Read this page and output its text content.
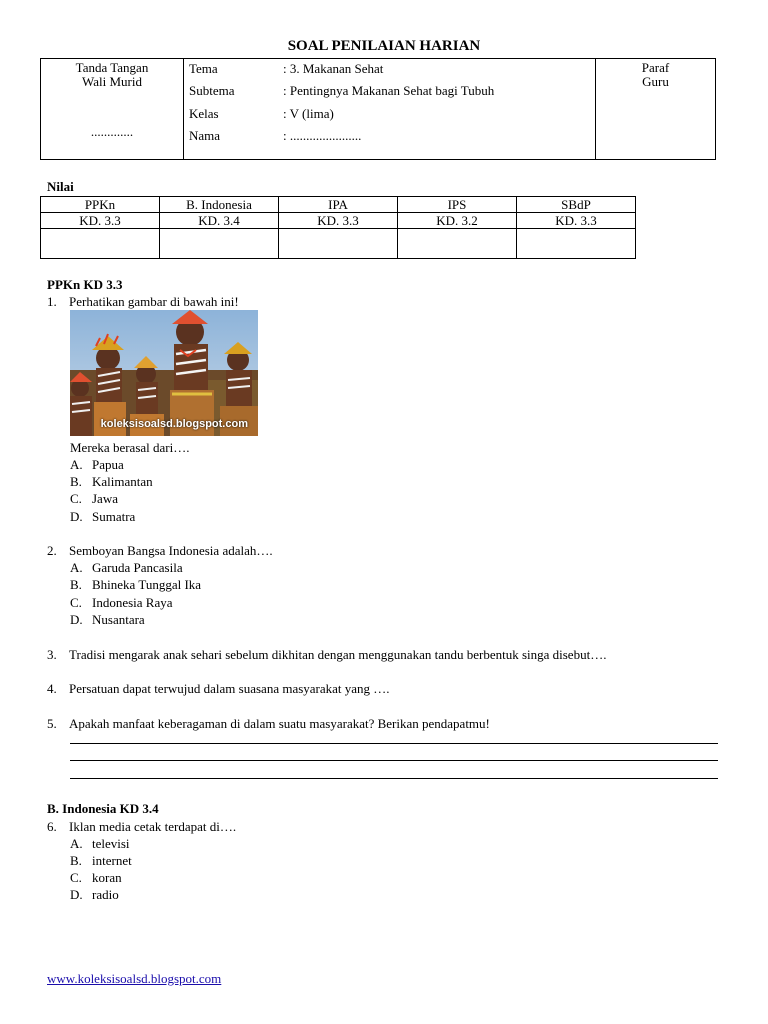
SOAL PENILAIAN HARIAN
Tanda Tangan
Wali Murid
.............
Tema	: 3. Makanan Sehat
Subtema	: Pentingnya Makanan Sehat bagi Tubuh
Kelas	: V (lima)
Nama	: ......................
Paraf
Guru
Nilai
PPKn	B. Indonesia	IPA	IPS	SBdP
KD. 3.3	KD. 3.4	KD. 3.3	KD. 3.2	KD. 3.3

PPKn KD 3.3
1. Perhatikan gambar di bawah ini!
koleksisoalsd.blogspot.com
Mereka berasal dari….
A. Papua
B. Kalimantan
C. Jawa
D. Sumatra
2. Semboyan Bangsa Indonesia adalah….
A. Garuda Pancasila
B. Bhineka Tunggal Ika
C. Indonesia Raya
D. Nusantara
3. Tradisi mengarak anak sehari sebelum dikhitan dengan menggunakan tandu berbentuk singa disebut….
4. Persatuan dapat terwujud dalam suasana masyarakat yang ….
5. Apakah manfaat keberagaman di dalam suatu masyarakat? Berikan pendapatmu!
B. Indonesia KD 3.4
6. Iklan media cetak terdapat di….
A. televisi
B. internet
C. koran
D. radio
www.koleksisoalsd.blogspot.com
